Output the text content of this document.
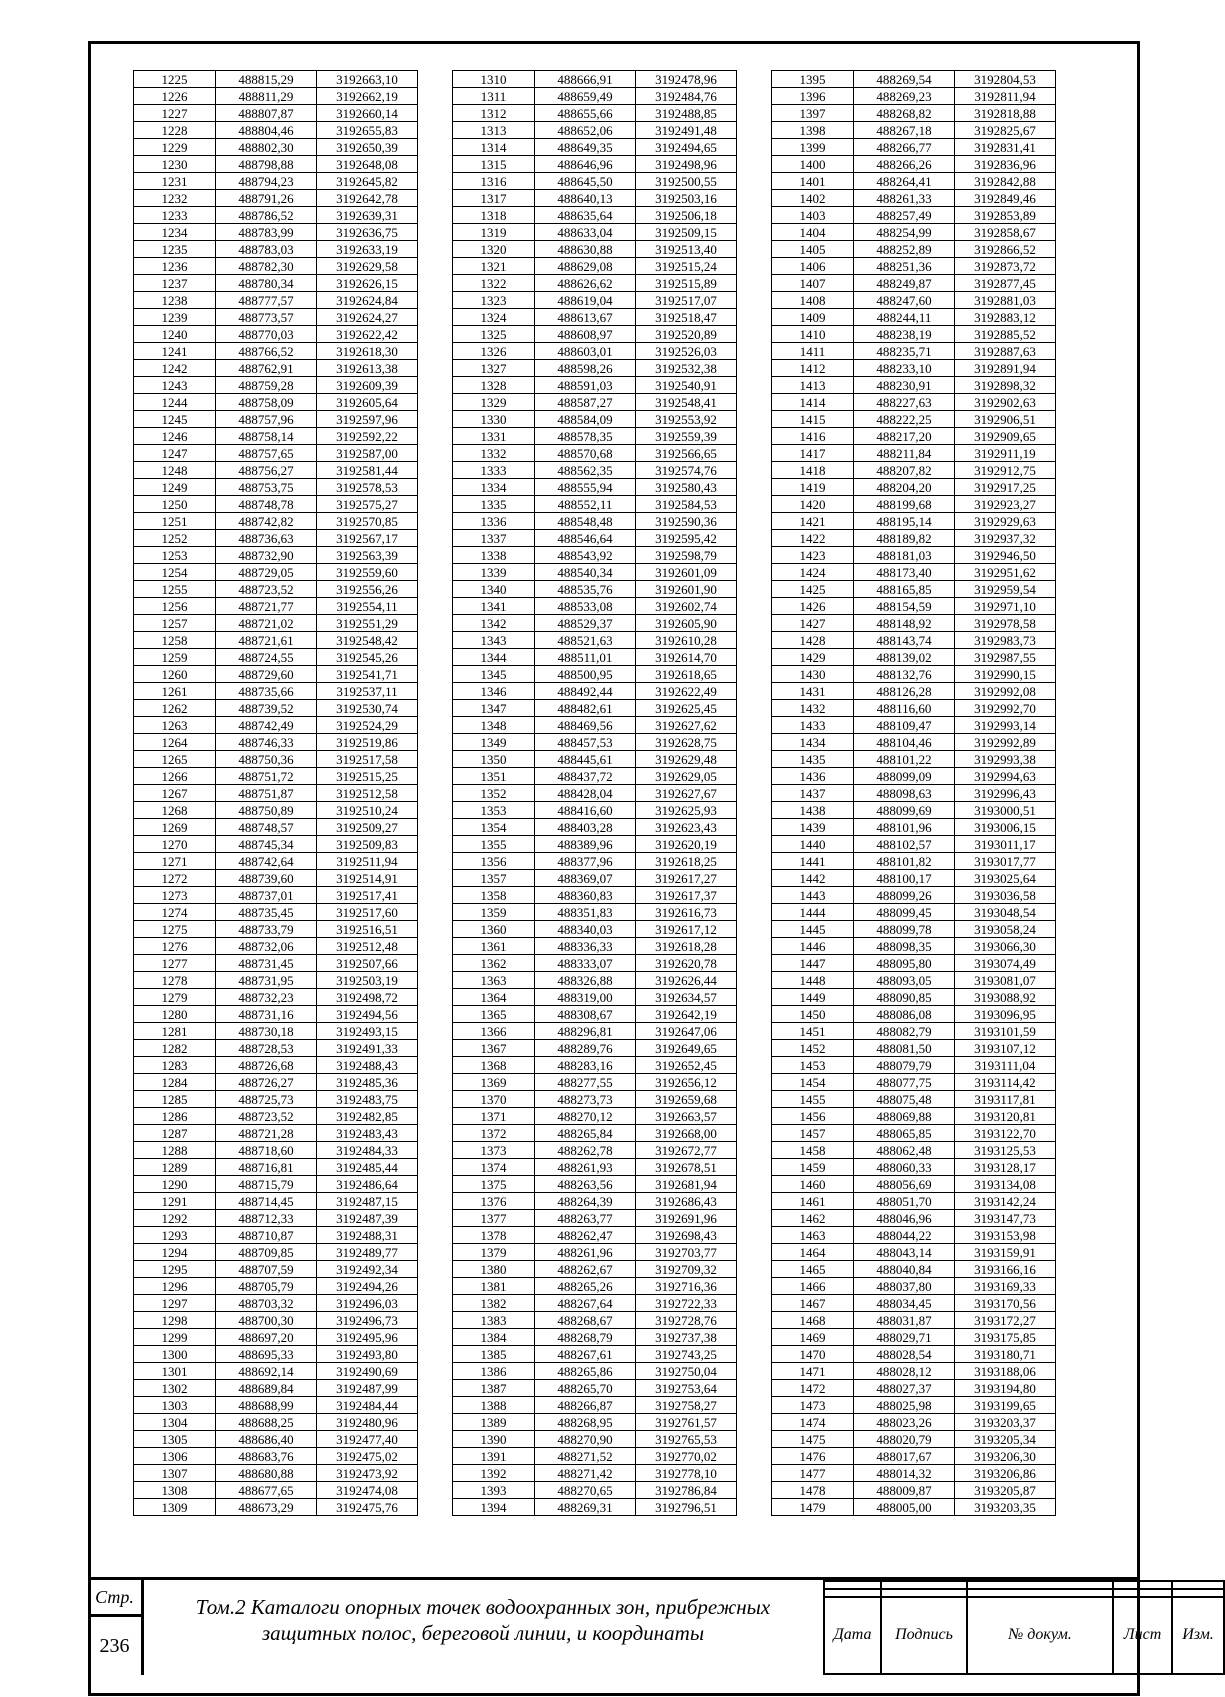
1225	488815,29	3192663,10
1226	488811,29	3192662,19
1227	488807,87	3192660,14
1228	488804,46	3192655,83
1229	488802,30	3192650,39
1230	488798,88	3192648,08
1231	488794,23	3192645,82
1232	488791,26	3192642,78
1233	488786,52	3192639,31
1234	488783,99	3192636,75
1235	488783,03	3192633,19
1236	488782,30	3192629,58
1237	488780,34	3192626,15
1238	488777,57	3192624,84
1239	488773,57	3192624,27
1240	488770,03	3192622,42
1241	488766,52	3192618,30
1242	488762,91	3192613,38
1243	488759,28	3192609,39
1244	488758,09	3192605,64
1245	488757,96	3192597,96
1246	488758,14	3192592,22
1247	488757,65	3192587,00
1248	488756,27	3192581,44
1249	488753,75	3192578,53
1250	488748,78	3192575,27
1251	488742,82	3192570,85
1252	488736,63	3192567,17
1253	488732,90	3192563,39
1254	488729,05	3192559,60
1255	488723,52	3192556,26
1256	488721,77	3192554,11
1257	488721,02	3192551,29
1258	488721,61	3192548,42
1259	488724,55	3192545,26
1260	488729,60	3192541,71
1261	488735,66	3192537,11
1262	488739,52	3192530,74
1263	488742,49	3192524,29
1264	488746,33	3192519,86
1265	488750,36	3192517,58
1266	488751,72	3192515,25
1267	488751,87	3192512,58
1268	488750,89	3192510,24
1269	488748,57	3192509,27
1270	488745,34	3192509,83
1271	488742,64	3192511,94
1272	488739,60	3192514,91
1273	488737,01	3192517,41
1274	488735,45	3192517,60
1275	488733,79	3192516,51
1276	488732,06	3192512,48
1277	488731,45	3192507,66
1278	488731,95	3192503,19
1279	488732,23	3192498,72
1280	488731,16	3192494,56
1281	488730,18	3192493,15
1282	488728,53	3192491,33
1283	488726,68	3192488,43
1284	488726,27	3192485,36
1285	488725,73	3192483,75
1286	488723,52	3192482,85
1287	488721,28	3192483,43
1288	488718,60	3192484,33
1289	488716,81	3192485,44
1290	488715,79	3192486,64
1291	488714,45	3192487,15
1292	488712,33	3192487,39
1293	488710,87	3192488,31
1294	488709,85	3192489,77
1295	488707,59	3192492,34
1296	488705,79	3192494,26
1297	488703,32	3192496,03
1298	488700,30	3192496,73
1299	488697,20	3192495,96
1300	488695,33	3192493,80
1301	488692,14	3192490,69
1302	488689,84	3192487,99
1303	488688,99	3192484,44
1304	488688,25	3192480,96
1305	488686,40	3192477,40
1306	488683,76	3192475,02
1307	488680,88	3192473,92
1308	488677,65	3192474,08
1309	488673,29	3192475,76
1310	488666,91	3192478,96
1311	488659,49	3192484,76
1312	488655,66	3192488,85
1313	488652,06	3192491,48
1314	488649,35	3192494,65
1315	488646,96	3192498,96
1316	488645,50	3192500,55
1317	488640,13	3192503,16
1318	488635,64	3192506,18
1319	488633,04	3192509,15
1320	488630,88	3192513,40
1321	488629,08	3192515,24
1322	488626,62	3192515,89
1323	488619,04	3192517,07
1324	488613,67	3192518,47
1325	488608,97	3192520,89
1326	488603,01	3192526,03
1327	488598,26	3192532,38
1328	488591,03	3192540,91
1329	488587,27	3192548,41
1330	488584,09	3192553,92
1331	488578,35	3192559,39
1332	488570,68	3192566,65
1333	488562,35	3192574,76
1334	488555,94	3192580,43
1335	488552,11	3192584,53
1336	488548,48	3192590,36
1337	488546,64	3192595,42
1338	488543,92	3192598,79
1339	488540,34	3192601,09
1340	488535,76	3192601,90
1341	488533,08	3192602,74
1342	488529,37	3192605,90
1343	488521,63	3192610,28
1344	488511,01	3192614,70
1345	488500,95	3192618,65
1346	488492,44	3192622,49
1347	488482,61	3192625,45
1348	488469,56	3192627,62
1349	488457,53	3192628,75
1350	488445,61	3192629,48
1351	488437,72	3192629,05
1352	488428,04	3192627,67
1353	488416,60	3192625,93
1354	488403,28	3192623,43
1355	488389,96	3192620,19
1356	488377,96	3192618,25
1357	488369,07	3192617,27
1358	488360,83	3192617,37
1359	488351,83	3192616,73
1360	488340,03	3192617,12
1361	488336,33	3192618,28
1362	488333,07	3192620,78
1363	488326,88	3192626,44
1364	488319,00	3192634,57
1365	488308,67	3192642,19
1366	488296,81	3192647,06
1367	488289,76	3192649,65
1368	488283,16	3192652,45
1369	488277,55	3192656,12
1370	488273,73	3192659,68
1371	488270,12	3192663,57
1372	488265,84	3192668,00
1373	488262,78	3192672,77
1374	488261,93	3192678,51
1375	488263,56	3192681,94
1376	488264,39	3192686,43
1377	488263,77	3192691,96
1378	488262,47	3192698,43
1379	488261,96	3192703,77
1380	488262,67	3192709,32
1381	488265,26	3192716,36
1382	488267,64	3192722,33
1383	488268,67	3192728,76
1384	488268,79	3192737,38
1385	488267,61	3192743,25
1386	488265,86	3192750,04
1387	488265,70	3192753,64
1388	488266,87	3192758,27
1389	488268,95	3192761,57
1390	488270,90	3192765,53
1391	488271,52	3192770,02
1392	488271,42	3192778,10
1393	488270,65	3192786,84
1394	488269,31	3192796,51
1395	488269,54	3192804,53
1396	488269,23	3192811,94
1397	488268,82	3192818,88
1398	488267,18	3192825,67
1399	488266,77	3192831,41
1400	488266,26	3192836,96
1401	488264,41	3192842,88
1402	488261,33	3192849,46
1403	488257,49	3192853,89
1404	488254,99	3192858,67
1405	488252,89	3192866,52
1406	488251,36	3192873,72
1407	488249,87	3192877,45
1408	488247,60	3192881,03
1409	488244,11	3192883,12
1410	488238,19	3192885,52
1411	488235,71	3192887,63
1412	488233,10	3192891,94
1413	488230,91	3192898,32
1414	488227,63	3192902,63
1415	488222,25	3192906,51
1416	488217,20	3192909,65
1417	488211,84	3192911,19
1418	488207,82	3192912,75
1419	488204,20	3192917,25
1420	488199,68	3192923,27
1421	488195,14	3192929,63
1422	488189,82	3192937,32
1423	488181,03	3192946,50
1424	488173,40	3192951,62
1425	488165,85	3192959,54
1426	488154,59	3192971,10
1427	488148,92	3192978,58
1428	488143,74	3192983,73
1429	488139,02	3192987,55
1430	488132,76	3192990,15
1431	488126,28	3192992,08
1432	488116,60	3192992,70
1433	488109,47	3192993,14
1434	488104,46	3192992,89
1435	488101,22	3192993,38
1436	488099,09	3192994,63
1437	488098,63	3192996,43
1438	488099,69	3193000,51
1439	488101,96	3193006,15
1440	488102,57	3193011,17
1441	488101,82	3193017,77
1442	488100,17	3193025,64
1443	488099,26	3193036,58
1444	488099,45	3193048,54
1445	488099,78	3193058,24
1446	488098,35	3193066,30
1447	488095,80	3193074,49
1448	488093,05	3193081,07
1449	488090,85	3193088,92
1450	488086,08	3193096,95
1451	488082,79	3193101,59
1452	488081,50	3193107,12
1453	488079,79	3193111,04
1454	488077,75	3193114,42
1455	488075,48	3193117,81
1456	488069,88	3193120,81
1457	488065,85	3193122,70
1458	488062,48	3193125,53
1459	488060,33	3193128,17
1460	488056,69	3193134,08
1461	488051,70	3193142,24
1462	488046,96	3193147,73
1463	488044,22	3193153,98
1464	488043,14	3193159,91
1465	488040,84	3193166,16
1466	488037,80	3193169,33
1467	488034,45	3193170,56
1468	488031,87	3193172,27
1469	488029,71	3193175,85
1470	488028,54	3193180,71
1471	488028,12	3193188,06
1472	488027,37	3193194,80
1473	488025,98	3193199,65
1474	488023,26	3193203,37
1475	488020,79	3193205,34
1476	488017,67	3193206,30
1477	488014,32	3193206,86
1478	488009,87	3193205,87
1479	488005,00	3193203,35
Стр.
236
Том.2 Каталоги опорных точек водоохранных зон, прибрежных
защитных полос, береговой линии, и координаты

					Дата	Подпись	№ докум.	Лист	Изм.
